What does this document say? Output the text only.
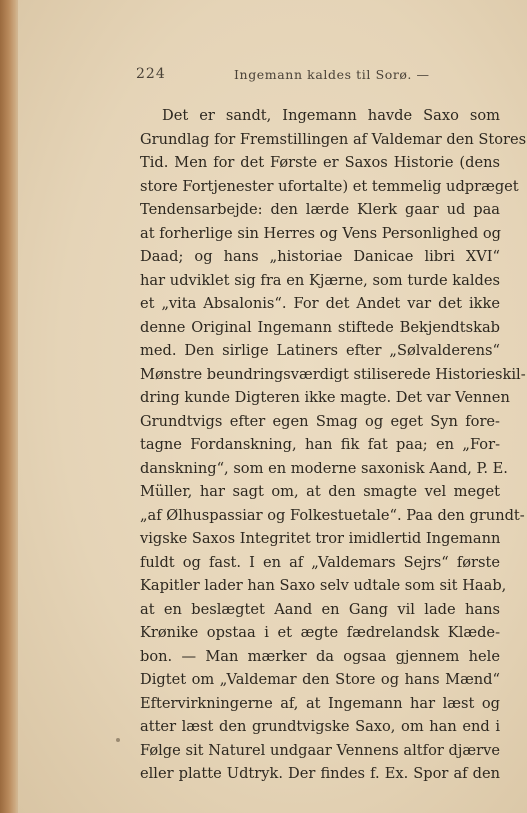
224	Ingemann kaldes til Sorø. —
Det er sandt, Ingemann havde Saxo som
Grundlag for Fremstillingen af Valdemar den Stores
Tid. Men for det Første er Saxos Historie (dens
store Fortjenester ufortalte) et temmelig udpræget
Tendensarbejde: den lærde Klerk gaar ud paa
at forherlige sin Herres og Vens Personlighed og
Daad; og hans „historiae Danicae libri XVI“
har udviklet sig fra en Kjærne, som turde kaldes
et „vita Absalonis“. For det Andet var det ikke
denne Original Ingemann stiftede Bekjendtskab
med. Den sirlige Latiners efter „Sølvalderens“
Mønstre beundringsværdigt stiliserede Historieskil-
dring kunde Digteren ikke magte. Det var Vennen
Grundtvigs efter egen Smag og eget Syn fore-
tagne Fordanskning, han fik fat paa; en „For-
danskning“, som en moderne saxonisk Aand, P. E.
Müller, har sagt om, at den smagte vel meget
„af Ølhuspassiar og Folkestuetale“. Paa den grundt-
vigske Saxos Integritet tror imidlertid Ingemann
fuldt og fast. I en af „Valdemars Sejrs“ første
Kapitler lader han Saxo selv udtale som sit Haab,
at en beslægtet Aand en Gang vil lade hans
Krønike opstaa i et ægte fædrelandsk Klæde-
bon. — Man mærker da ogsaa gjennem hele
Digtet om „Valdemar den Store og hans Mænd“
Eftervirkningerne af, at Ingemann har læst og
atter læst den grundtvigske Saxo, om han end i
Følge sit Naturel undgaar Vennens altfor djærve
eller platte Udtryk. Der findes f. Ex. Spor af den
